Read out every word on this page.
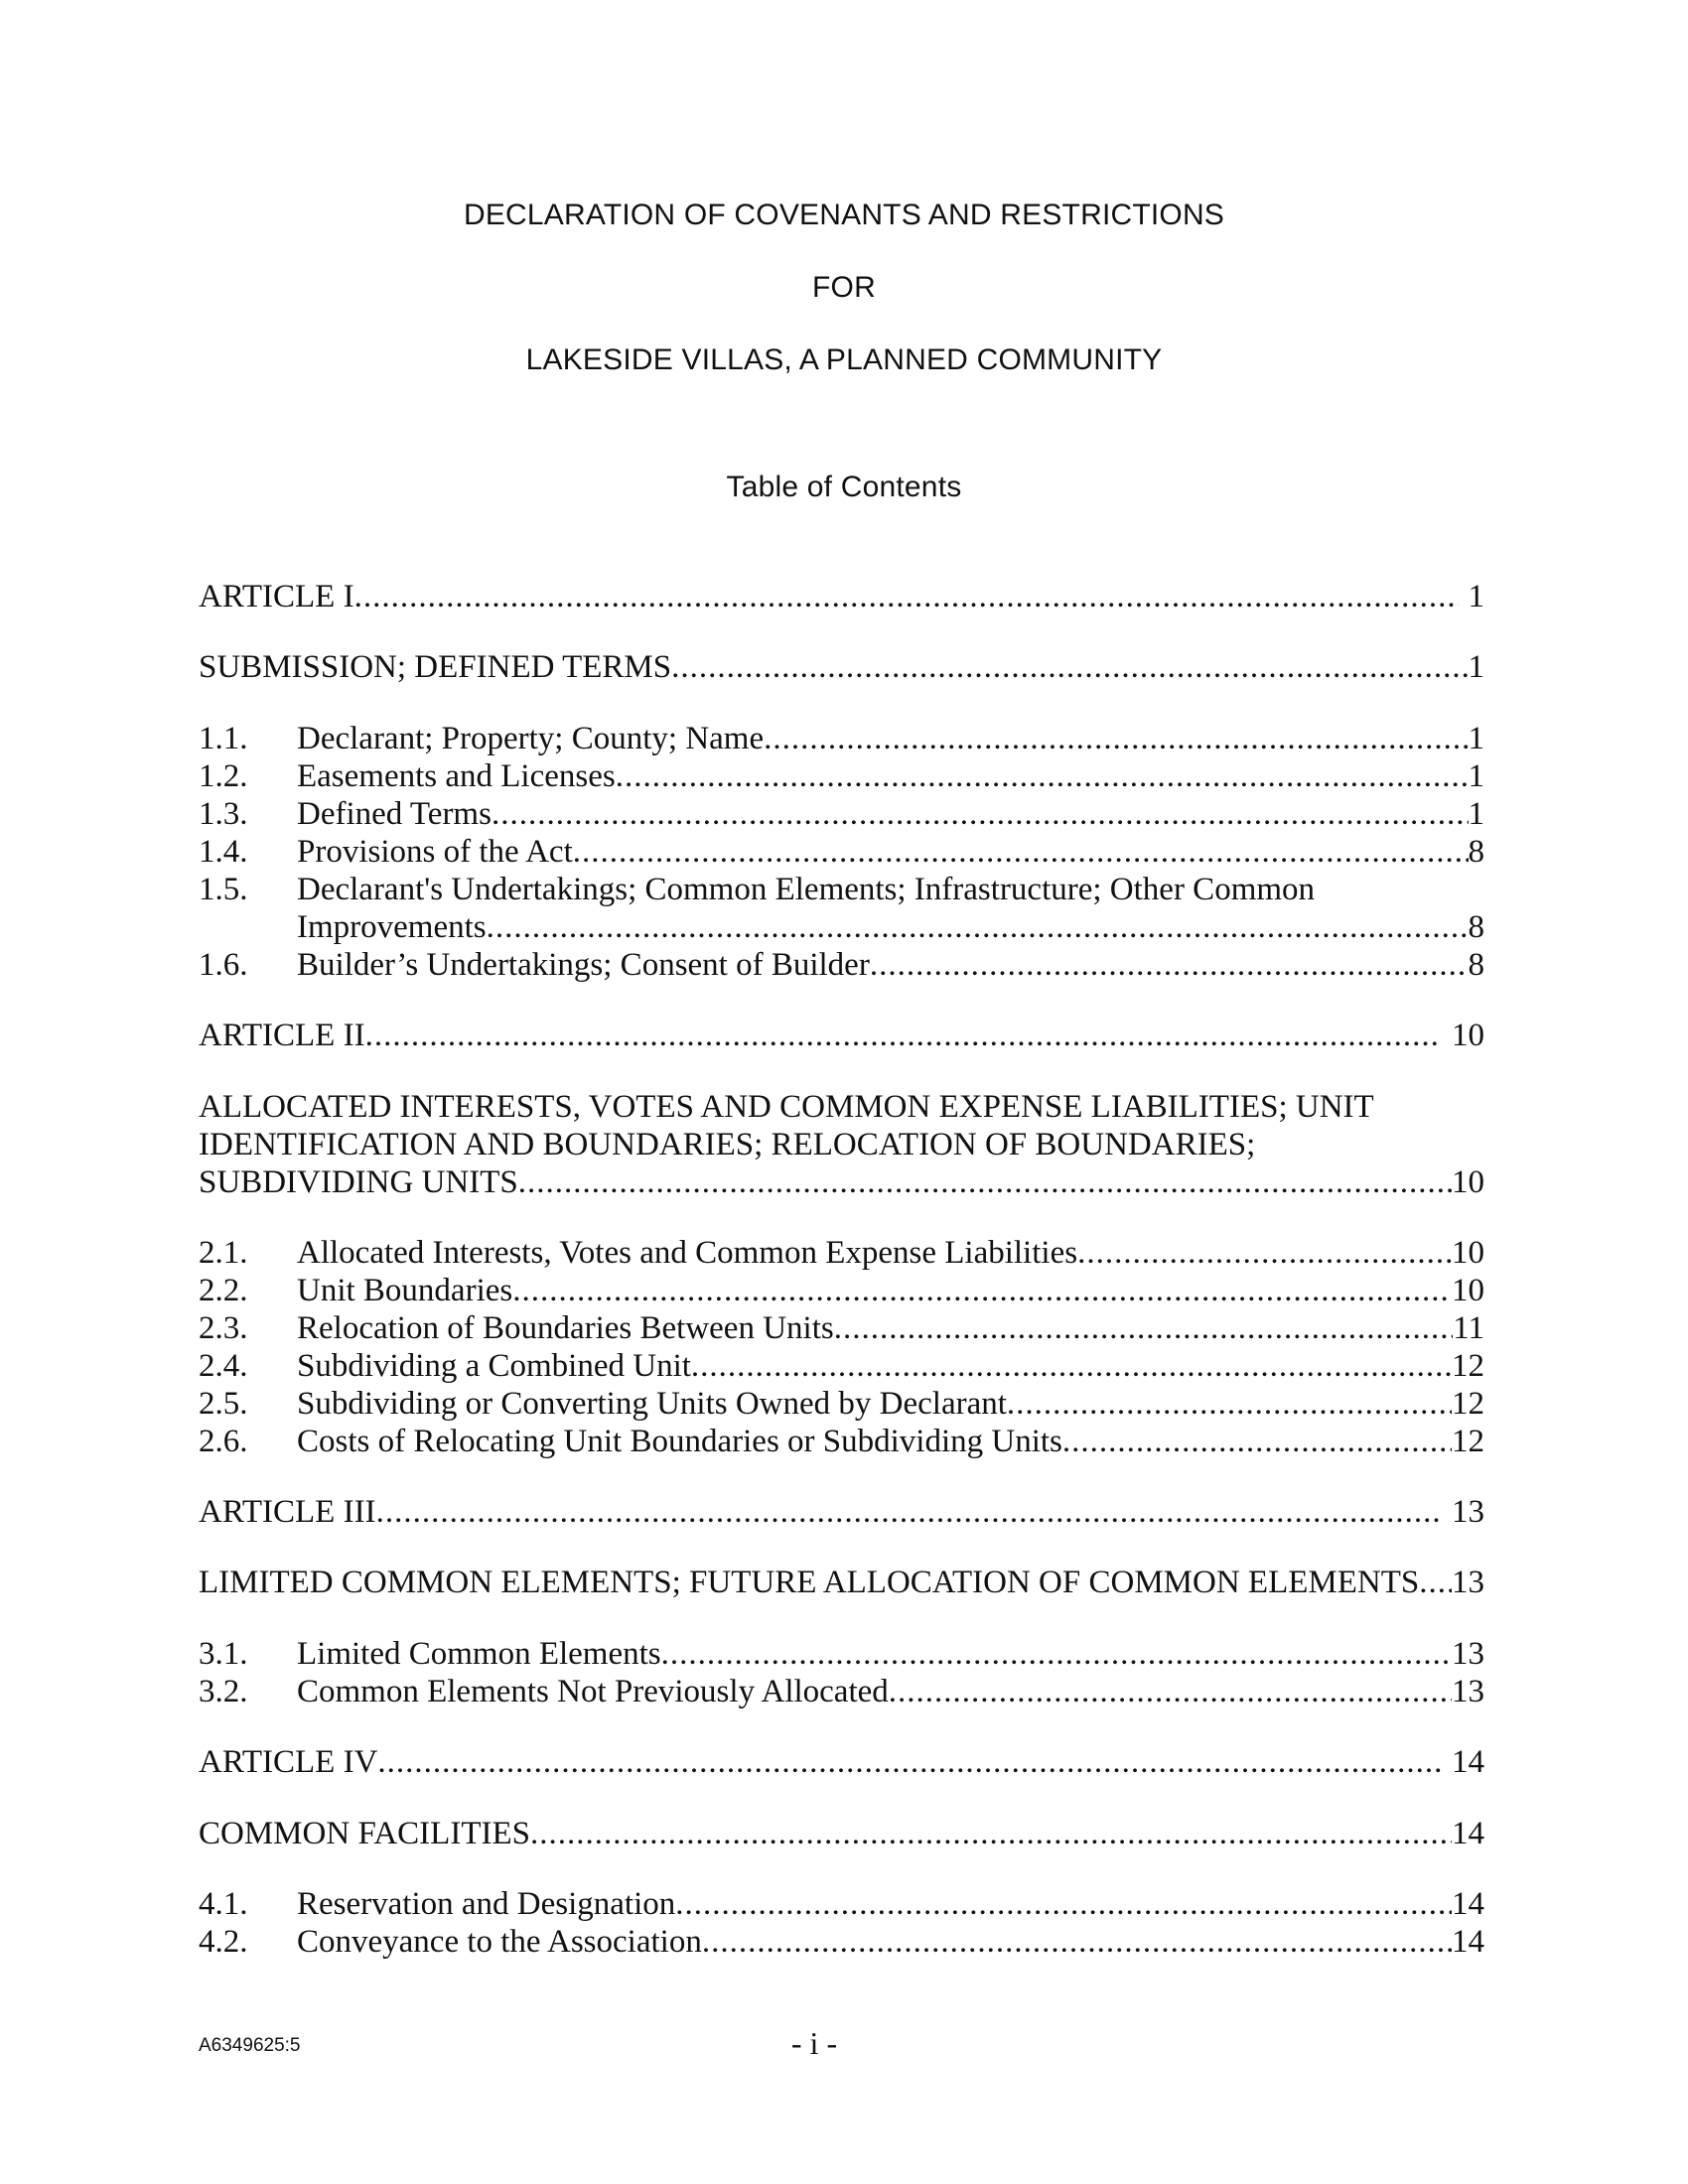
DECLARATION OF COVENANTS AND RESTRICTIONS
FOR
LAKESIDE VILLAS, A PLANNED COMMUNITY
Table of Contents
ARTICLE I .....	1
SUBMISSION; DEFINED TERMS .....	1
1.1. Declarant; Property; County; Name .....	1
1.2. Easements and Licenses .....	1
1.3. Defined Terms .....	1
1.4. Provisions of the Act .....	8
1.5. Declarant's Undertakings; Common Elements; Infrastructure; Other Common
Improvements .....	8
1.6. Builder’s Undertakings; Consent of Builder .....	8
ARTICLE II .....	10
ALLOCATED INTERESTS, VOTES AND COMMON EXPENSE LIABILITIES; UNIT
IDENTIFICATION AND BOUNDARIES; RELOCATION OF BOUNDARIES;
SUBDIVIDING UNITS .....	10
2.1. Allocated Interests, Votes and Common Expense Liabilities .....	10
2.2. Unit Boundaries .....	10
2.3. Relocation of Boundaries Between Units .....	11
2.4. Subdividing a Combined Unit .....	12
2.5. Subdividing or Converting Units Owned by Declarant .....	12
2.6. Costs of Relocating Unit Boundaries or Subdividing Units .....	12
ARTICLE III .....	13
LIMITED COMMON ELEMENTS; FUTURE ALLOCATION OF COMMON ELEMENTS ..... 13
3.1. Limited Common Elements .....	13
3.2. Common Elements Not Previously Allocated .....	13
ARTICLE IV .....	14
COMMON FACILITIES .....	14
4.1. Reservation and Designation .....	14
4.2. Conveyance to the Association .....	14
A6349625:5	- i -
